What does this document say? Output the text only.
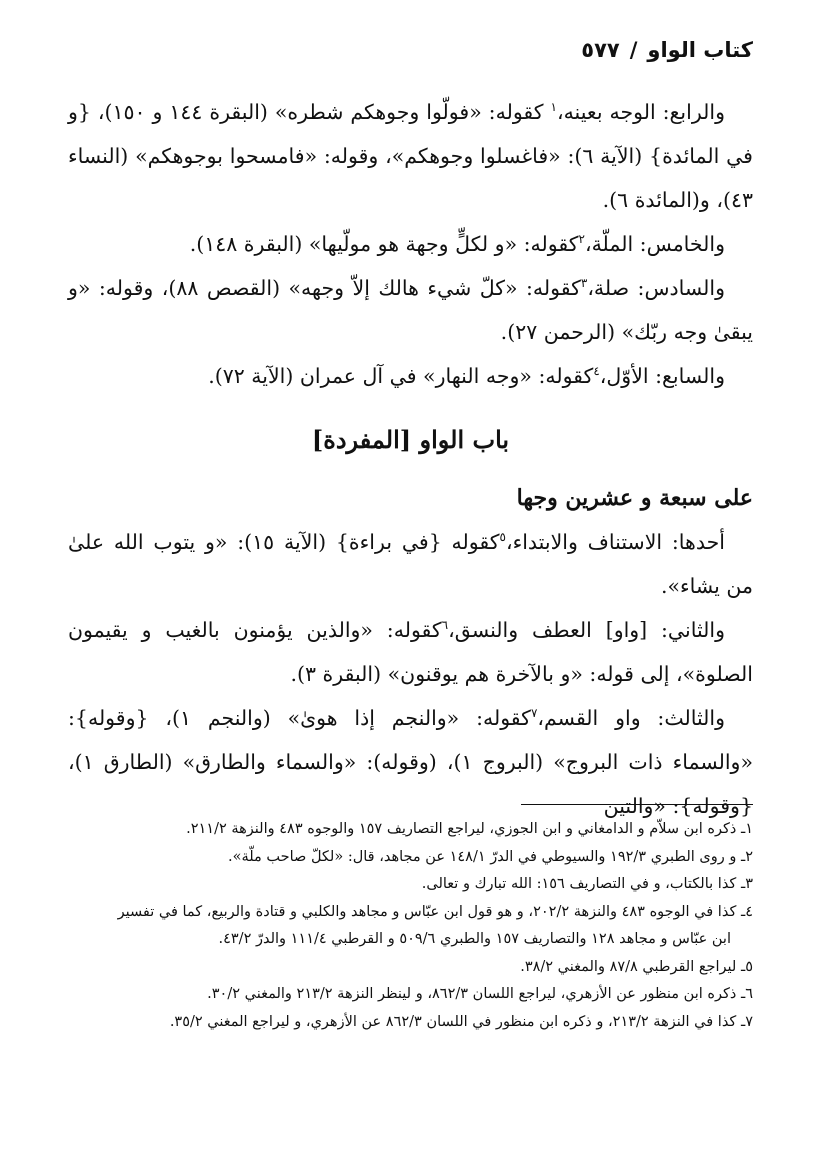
كتاب الواو
/
٥٧٧

والرابع: الوجه بعينه،$^١$ كقوله: «فولّوا وجوهكم شطره» (البقرة ١٤٤ و ١٥٠)، {و في المائدة} (الآية ٦): «فاغسلوا وجوهكم»، وقوله: «فامسحوا بوجوهكم» (النساء ٤٣)، و(المائدة ٦).

والخامس: الملّة،$^٢$كقوله: «و لكلٍّ وجهة هو مولّيها» (البقرة ١٤٨).

والسادس: صلة،$^٣$كقوله: «كلّ شيء هالك إلاّ وجهه» (القصص ٨٨)، وقوله: «و يبقىٰ وجه ربّك» (الرحمن ٢٧).

والسابع: الأوّل،$^٤$كقوله: «وجه النهار» في آل عمران (الآية ٧٢).

باب الواو [المفردة]

على سبعة و عشرين وجها

أحدها: الاستناف والابتداء،$^٥$كقوله {في براءة} (الآية ١٥): «و يتوب الله علىٰ من يشاء».

والثاني: [واو] العطف والنسق،$^٦$كقوله: «والذين يؤمنون بالغيب و يقيمون الصلوة»، إلى قوله: «و بالآخرة هم يوقنون» (البقرة ٣).

والثالث: واو القسم،$^٧$كقوله: «والنجم إذا هوىٰ» (والنجم ١)، {وقوله}: «والسماء ذات البروج» (البروج ١)، (وقوله): «والسماء والطارق» (الطارق ١)، {وقوله}: «والتين

١ـ ذكره ابن سلاّم و الدامغاني و ابن الجوزي، ليراجع التصاريف ١٥٧ والوجوه ٤٨٣ والنزهة ٢١١/٢.

٢ـ و روى الطبري ١٩٢/٣ والسيوطي في الدرّ ١٤٨/١ عن مجاهد، قال: «لكلّ صاحب ملّة».

٣ـ كذا بالكتاب، و في التصاريف ١٥٦: الله تبارك و تعالى.

٤ـ كذا في الوجوه ٤٨٣ والنزهة ٢٠٢/٢، و هو قول ابن عبّاس و مجاهد والكلبي و قتادة والربيع، كما في تفسير

ابن عبّاس و مجاهد ١٢٨ والتصاريف ١٥٧ والطبري ٥٠٩/٦ و القرطبي ١١١/٤ والدرّ ٤٣/٢.

٥ـ ليراجع القرطبي ٨٧/٨ والمغني ٣٨/٢.

٦ـ ذكره ابن منظور عن الأزهري، ليراجع اللسان ٨٦٢/٣، و لينظر النزهة ٢١٣/٢ والمغني ٣٠/٢.

٧ـ كذا في النزهة ٢١٣/٢، و ذكره ابن منظور في اللسان ٨٦٢/٣ عن الأزهري، و ليراجع المغني ٣٥/٢.
